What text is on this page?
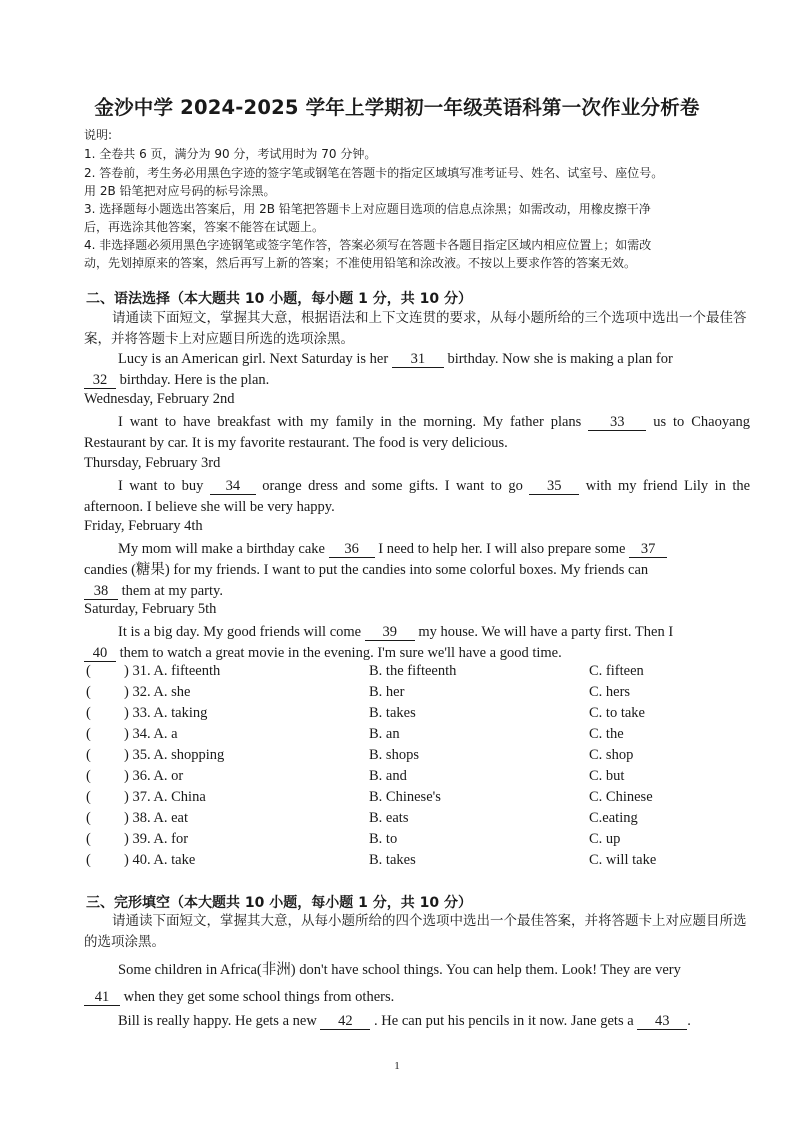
金沙中学 2024-2025 学年上学期初一年级英语科第一次作业分析卷
说明:
1. 全卷共 6 页，满分为 90 分，考试用时为 70 分钟。
2. 答卷前，考生务必用黑色字迹的签字笔或钢笔在答题卡的指定区域填写准考证号、姓名、试室号、座位号。
用 2B 铅笔把对应号码的标号涂黑。
3. 选择题每小题选出答案后，用 2B 铅笔把答题卡上对应题目选项的信息点涂黑；如需改动，用橡皮擦干净
后，再选涂其他答案，答案不能答在试题上。
4. 非选择题必须用黑色字迹钢笔或签字笔作答，答案必须写在答题卡各题目指定区域内相应位置上；如需改
动，先划掉原来的答案，然后再写上新的答案；不准使用铅笔和涂改液。不按以上要求作答的答案无效。
二、语法选择（本大题共 10 小题，每小题 1 分，共 10 分）
请通读下面短文，掌握其大意，根据语法和上下文连贯的要求，从每小题所给的三个选项中选出一个最佳答案，并将答题卡上对应题目所选的选项涂黑。
Lucy is an American girl. Next Saturday is her 31 birthday. Now she is making a plan for
32 birthday. Here is the plan.
Wednesday, February 2nd
I want to have breakfast with my family in the morning. My father plans 33 us to Chaoyang Restaurant by car. It is my favorite restaurant. The food is very delicious.
Thursday, February 3rd
I want to buy 34 orange dress and some gifts. I want to go 35 with my friend Lily in the afternoon. I believe she will be very happy.
Friday, February 4th
My mom will make a birthday cake 36 I need to help her. I will also prepare some 37
candies (糖果) for my friends. I want to put the candies into some colorful boxes. My friends can
38 them at my party.
Saturday, February 5th
It is a big day. My good friends will come 39 my house. We will have a party first. Then I
40 them to watch a great movie in the evening. I'm sure we'll have a good time.
( ) 31. A. fifteenth	B. the fifteenth	C. fifteen
( ) 32. A. she	B. her	C. hers
( ) 33. A. taking	B. takes	C. to take
( ) 34. A. a	B. an	C. the
( ) 35. A. shopping	B. shops	C. shop
( ) 36. A. or	B. and	C. but
( ) 37. A. China	B. Chinese's	C. Chinese
( ) 38. A. eat	B. eats	C.eating
( ) 39. A. for	B. to	C. up
( ) 40. A. take	B. takes	C. will take
三、完形填空（本大题共 10 小题，每小题 1 分，共 10 分）
请通读下面短文，掌握其大意，从每小题所给的四个选项中选出一个最佳答案，并将答题卡上对应题目所选的选项涂黑。
Some children in Africa(非洲) don't have school things. You can help them. Look! They are very
41 when they get some school things from others.
Bill is really happy. He gets a new 42 . He can put his pencils in it now. Jane gets a 43 .
1
